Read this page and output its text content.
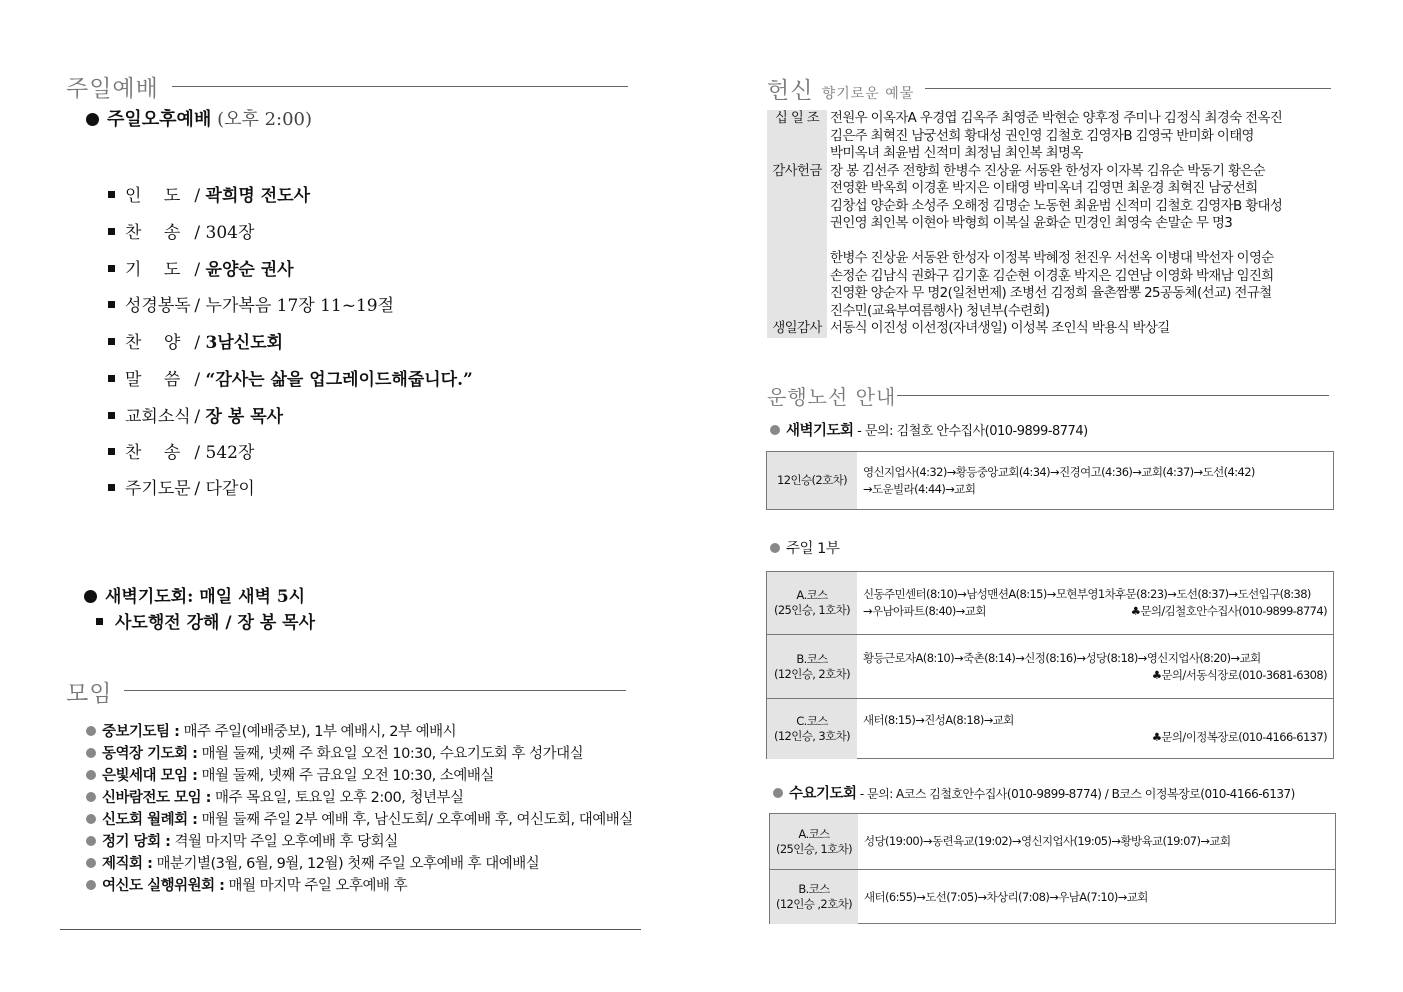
주일예배
주일오후예배 (오후 2:00)
인　 도 / 곽희명 전도사
찬　 송 / 304장
기　 도 / 윤양순 권사
성경봉독 / 누가복음 17장 11~19절
찬　 양 / 3남신도회
말　 씀 / “감사는 삶을 업그레이드해줍니다.”
교회소식 / 장 봉 목사
찬　 송 / 542장
주기도문 / 다같이
새벽기도회: 매일 새벽 5시
사도행전 강해 / 장 봉 목사
모임
중보기도팀 : 매주 주일(예배중보), 1부 예배시, 2부 예배시
동역장 기도회 : 매월 둘째, 넷째 주 화요일 오전 10:30, 수요기도회 후 성가대실
은빛세대 모임 : 매월 둘째, 넷째 주 금요일 오전 10:30, 소예배실
신바람전도 모임 : 매주 목요일, 토요일 오후 2:00, 청년부실
신도회 월례회 : 매월 둘째 주일 2부 예배 후, 남신도회/ 오후예배 후, 여신도회, 대예배실
정기 당회 : 격월 마지막 주일 오후예배 후 당회실
제직회 : 매분기별(3월, 6월, 9월, 12월) 첫째 주일 오후예배 후 대예배실
여신도 실행위원회 : 매월 마지막 주일 오후예배 후
헌신 향기로운 예물
십 일 조 전원우 이옥자A 우경엽 김옥주 최영준 박현순 양후정 주미나 김정식 최경숙 전옥진
김은주 최혁진 남궁선희 황대성 권인영 김철호 김영자B 김영국 반미화 이태영
박미옥녀 최윤범 신적미 최정님 최인복 최명옥
감사헌금 장 봉 김선주 전향희 한병수 진상윤 서동완 한성자 이자복 김유순 박동기 황은순
전영환 박옥희 이경훈 박지은 이태영 박미옥녀 김영면 최운경 최혁진 남궁선희
김창섭 양순화 소성주 오해정 김명순 노동현 최윤범 신적미 김철호 김영자B 황대성
권인영 최인복 이현아 박형희 이복실 윤화순 민경인 최영숙 손말순 무 명3
한병수 진상윤 서동완 한성자 이정복 박혜정 천진우 서선옥 이병대 박선자 이영순
손정순 김남식 권화구 김기훈 김순현 이경훈 박지은 김연남 이영화 박재남 임진희
진영환 양순자 무 명2(일천번제) 조병선 김정희 율촌짬뽕 25공동체(선교) 전규철
진수민(교육부여름행사) 청년부(수련회)
생일감사 서동식 이진성 이선정(자녀생일) 이성복 조인식 박용식 박상길
운행노선 안내
새벽기도회 - 문의: 김철호 안수집사(010-9899-8774)
12인승(2호차)
영신지업사(4:32)→황등중앙교회(4:34)→진경여고(4:36)→교회(4:37)→도선(4:42)
→도운빌라(4:44)→교회
주일 1부
A.코스
(25인승, 1호차)
신동주민센터(8:10)→남성맨션A(8:15)→모현부영1차후문(8:23)→도선(8:37)→도선입구(8:38)
→우남아파트(8:40)→교회	♣문의/김철호안수집사(010-9899-8774)
B.코스
(12인승, 2호차)
황등근로자A(8:10)→죽촌(8:14)→신정(8:16)→성당(8:18)→영신지업사(8:20)→교회
♣문의/서동식장로(010-3681-6308)
C.코스
(12인승, 3호차)
새터(8:15)→진성A(8:18)→교회
♣문의/이정복장로(010-4166-6137)
수요기도회 - 문의: A코스 김철호안수집사(010-9899-8774) / B코스 이정복장로(010-4166-6137)
A.코스
(25인승, 1호차)
성당(19:00)→동련육교(19:02)→영신지업사(19:05)→황방육교(19:07)→교회
B.코스
(12인승 ,2호차)
새터(6:55)→도선(7:05)→차상리(7:08)→우남A(7:10)→교회
